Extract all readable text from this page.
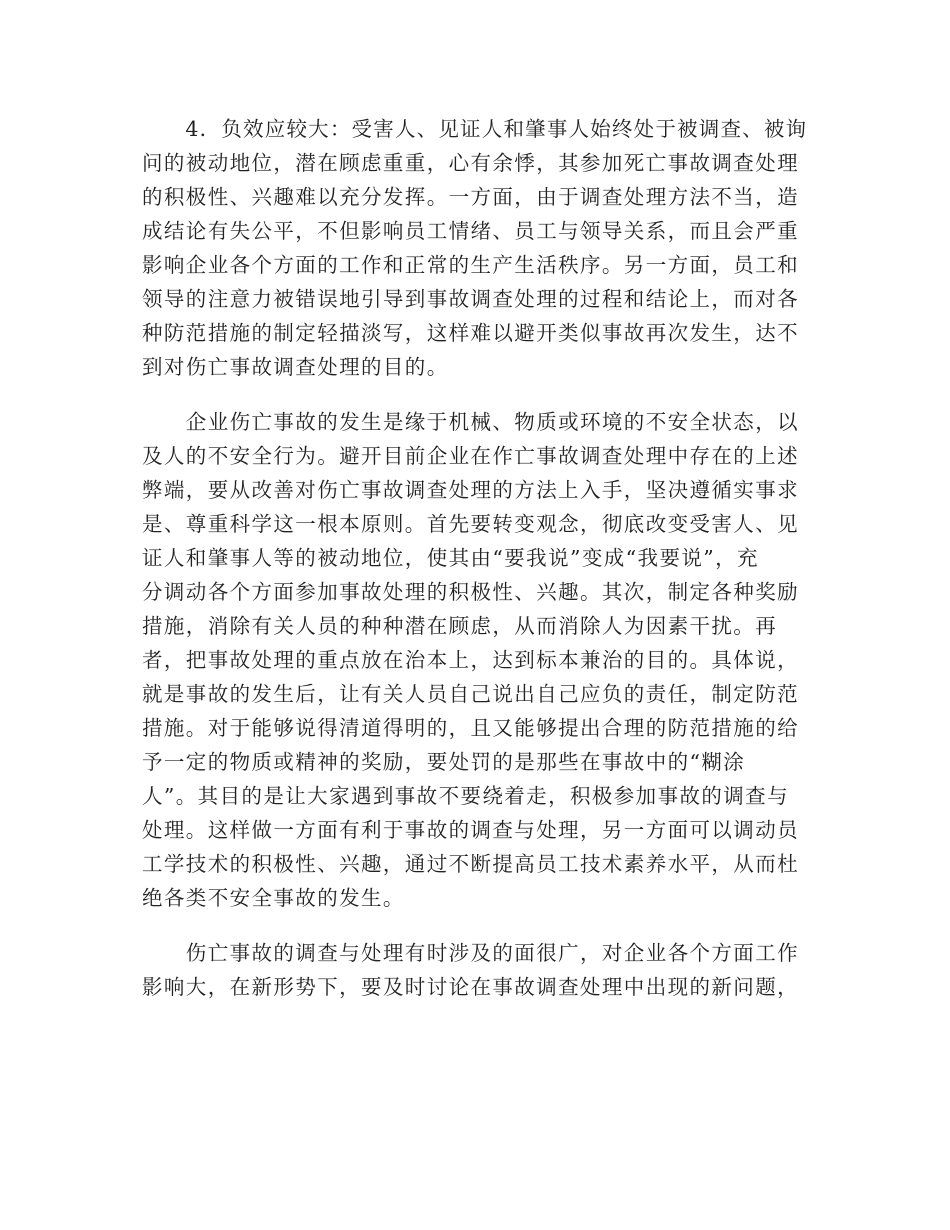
　　4．负效应较大：受害人、见证人和肇事人始终处于被调查、被询
问的被动地位，潜在顾虑重重，心有余悸，其参加死亡事故调查处理
的积极性、兴趣难以充分发挥。一方面，由于调查处理方法不当，造
成结论有失公平，不但影响员工情绪、员工与领导关系，而且会严重
影响企业各个方面的工作和正常的生产生活秩序。另一方面，员工和
领导的注意力被错误地引导到事故调查处理的过程和结论上，而对各
种防范措施的制定轻描淡写，这样难以避开类似事故再次发生，达不
到对伤亡事故调查处理的目的。
　　企业伤亡事故的发生是缘于机械、物质或环境的不安全状态，以
及人的不安全行为。避开目前企业在作亡事故调查处理中存在的上述
弊端，要从改善对伤亡事故调查处理的方法上入手，坚决遵循实事求
是、尊重科学这一根本原则。首先要转变观念，彻底改变受害人、见
证人和肇事人等的被动地位，使其由“要我说”变成“我要说”，充
分调动各个方面参加事故处理的积极性、兴趣。其次，制定各种奖励
措施，消除有关人员的种种潜在顾虑，从而消除人为因素干扰。再
者，把事故处理的重点放在治本上，达到标本兼治的目的。具体说，
就是事故的发生后，让有关人员自己说出自己应负的责任，制定防范
措施。对于能够说得清道得明的，且又能够提出合理的防范措施的给
予一定的物质或精神的奖励，要处罚的是那些在事故中的“糊涂
人”。其目的是让大家遇到事故不要绕着走，积极参加事故的调查与
处理。这样做一方面有利于事故的调查与处理，另一方面可以调动员
工学技术的积极性、兴趣，通过不断提高员工技术素养水平，从而杜
绝各类不安全事故的发生。
　　伤亡事故的调查与处理有时涉及的面很广，对企业各个方面工作
影响大，在新形势下，要及时讨论在事故调查处理中出现的新问题，
